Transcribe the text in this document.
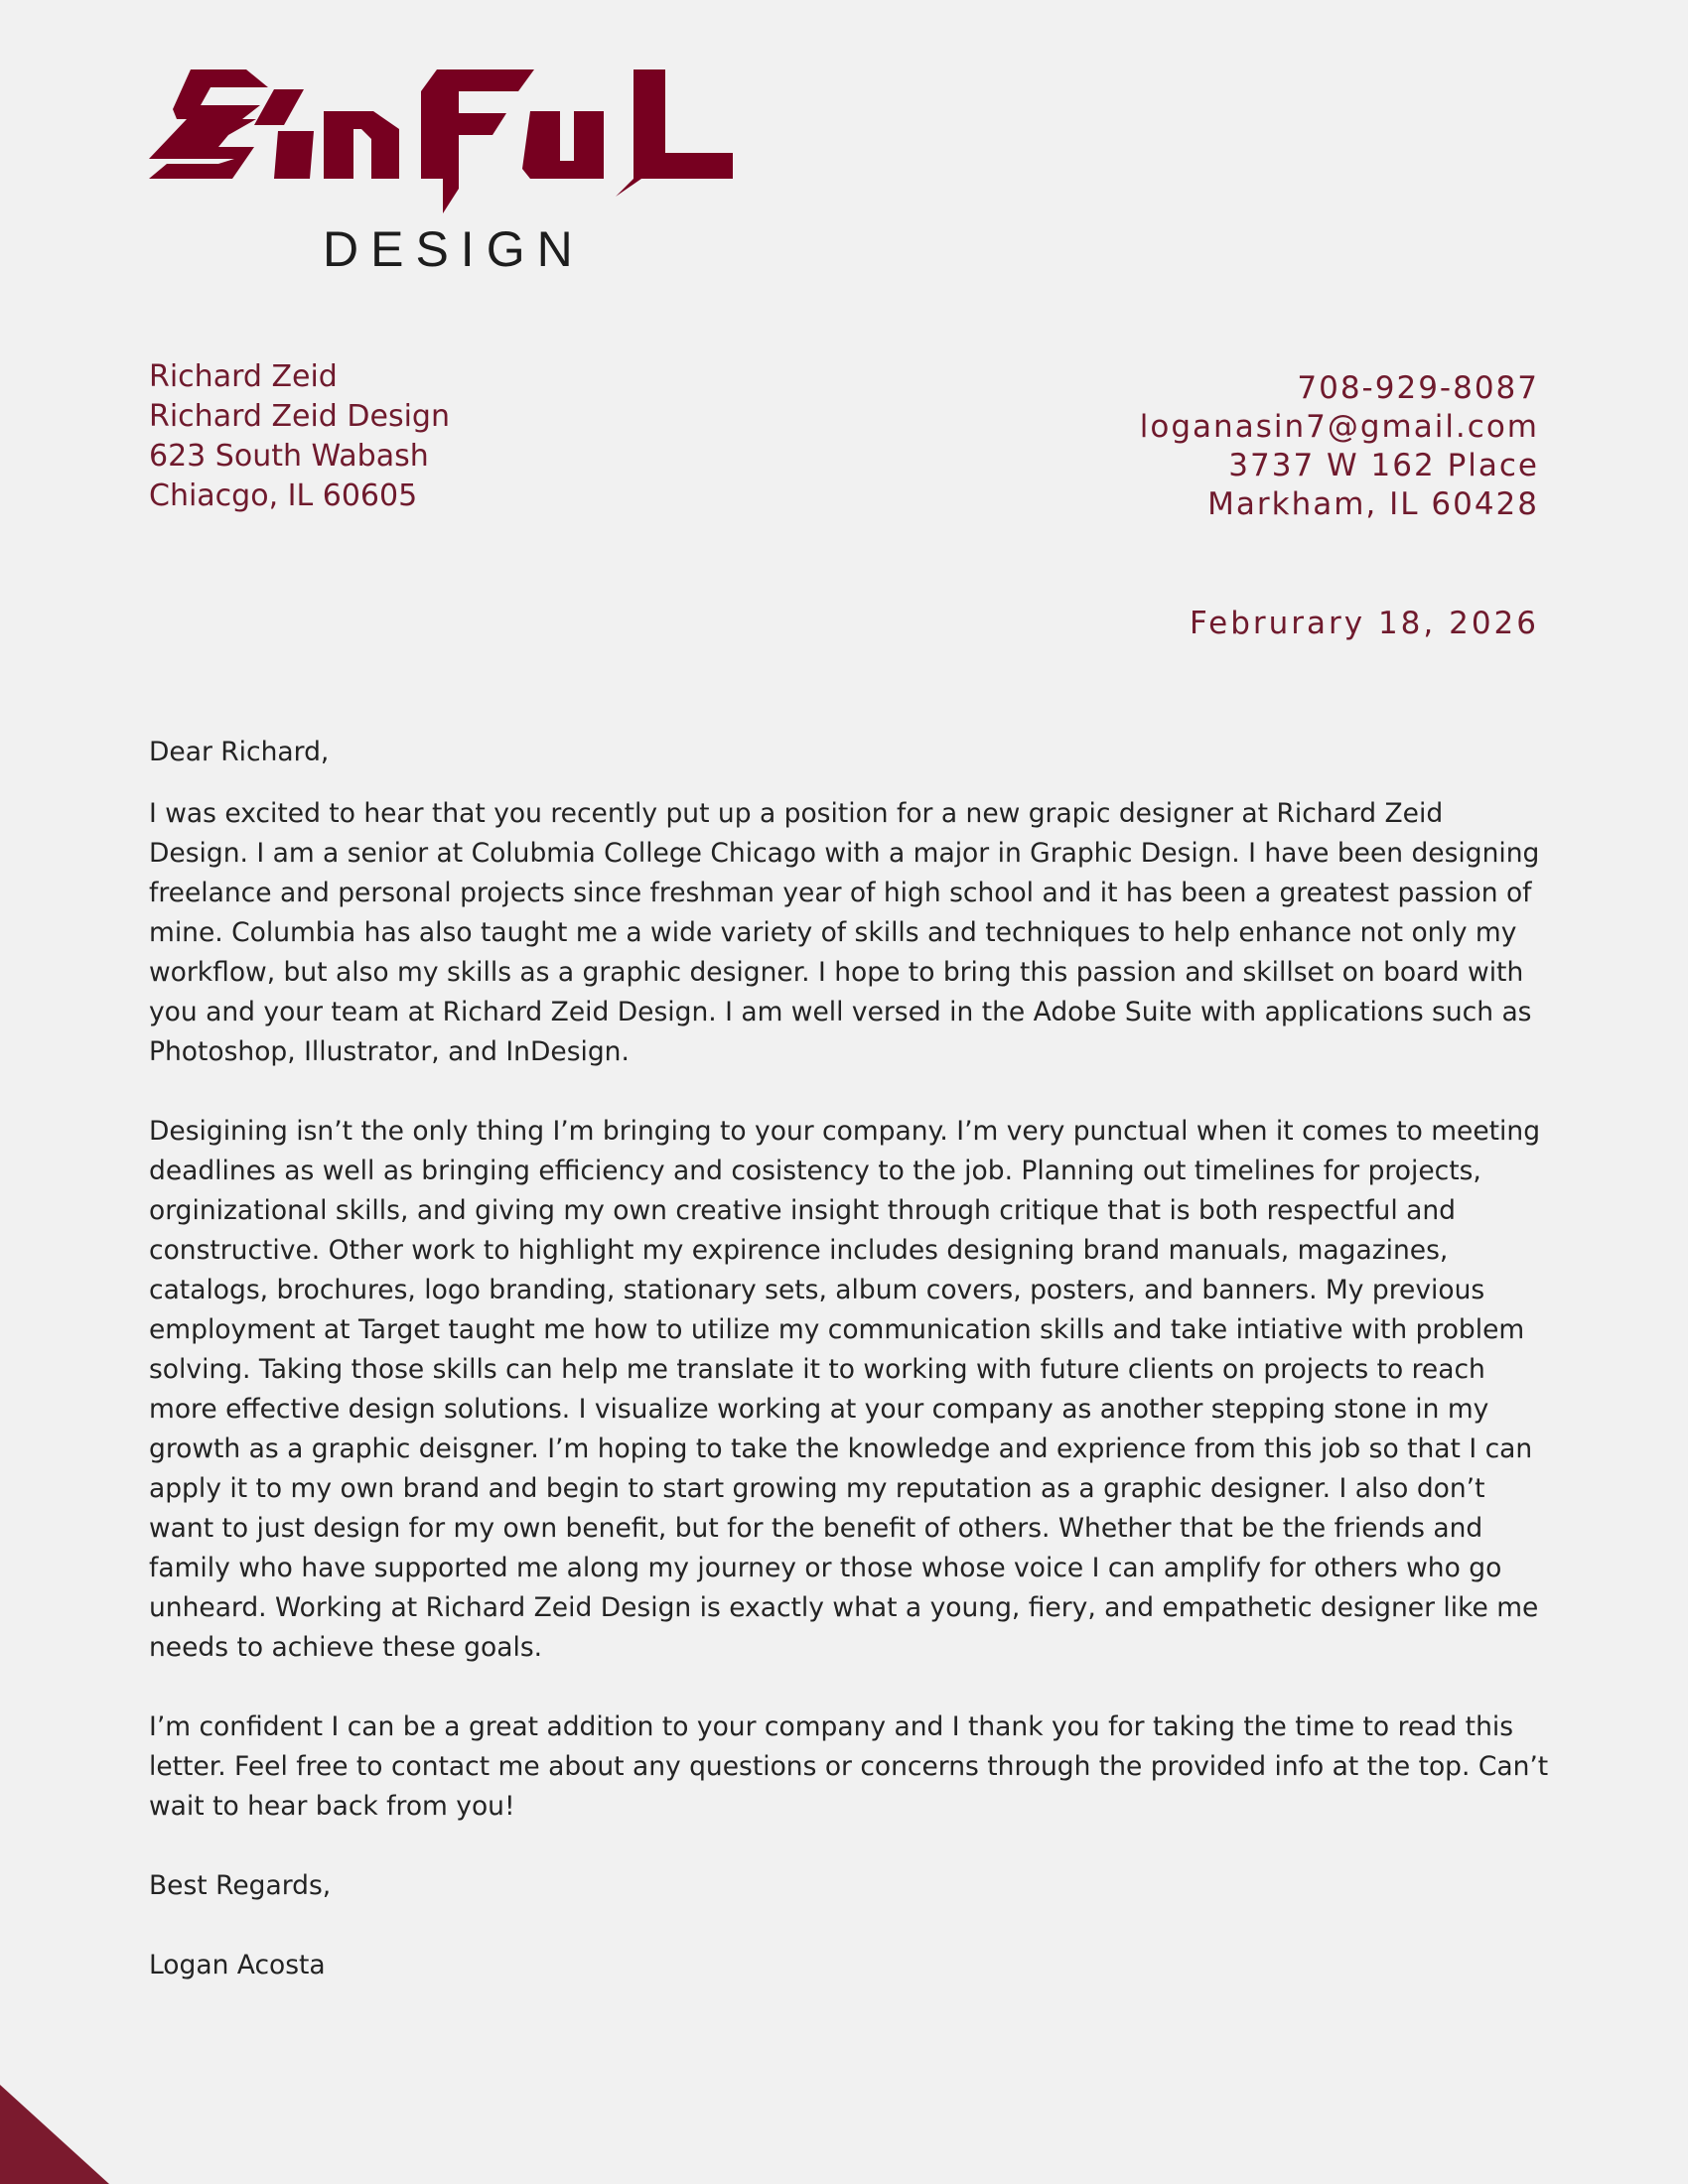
DESIGN
Richard Zeid
Richard Zeid Design
623 South Wabash
Chiacgo, IL 60605
708-929-8087
loganasin7@gmail.com
3737 W 162 Place
Markham, IL 60428
Februrary 18, 2026
Dear Richard,
I was excited to hear that you recently put up a position for a new grapic designer at Richard Zeid Design. I am a senior at Colubmia College Chicago with a major in Graphic Design. I have been designing freelance and personal projects since freshman year of high school and it has been a greatest passion of mine. Columbia has also taught me a wide variety of skills and techniques to help enhance not only my workflow, but also my skills as a graphic designer. I hope to bring this passion and skillset on board with you and your team at Richard Zeid Design. I am well versed in the Adobe Suite with applications such as Photoshop, Illustrator, and InDesign.
Desigining isn’t the only thing I’m bringing to your company. I’m very punctual when it comes to meeting deadlines as well as bringing efficiency and cosistency to the job. Planning out timelines for projects, orginizational skills, and giving my own creative insight through critique that is both respectful and constructive. Other work to highlight my expirence includes designing brand manuals, magazines, catalogs, brochures, logo branding, stationary sets, album covers, posters, and banners. My previous employment at Target taught me how to utilize my communication skills and take intiative with problem solving. Taking those skills can help me translate it to working with future clients on projects to reach more effective design solutions. I visualize working at your company as another stepping stone in my growth as a graphic deisgner. I’m hoping to take the knowledge and exprience from this job so that I can apply it to my own brand and begin to start growing my reputation as a graphic designer. I also don’t want to just design for my own benefit, but for the benefit of others. Whether that be the friends and family who have supported me along my journey or those whose voice I can amplify for others who go unheard. Working at Richard Zeid Design is exactly what a young, fiery, and empathetic designer like me needs to achieve these goals.
I’m confident I can be a great addition to your company and I thank you for taking the time to read this letter. Feel free to contact me about any questions or concerns through the provided info at the top. Can’t wait to hear back from you!
Best Regards,
Logan Acosta
